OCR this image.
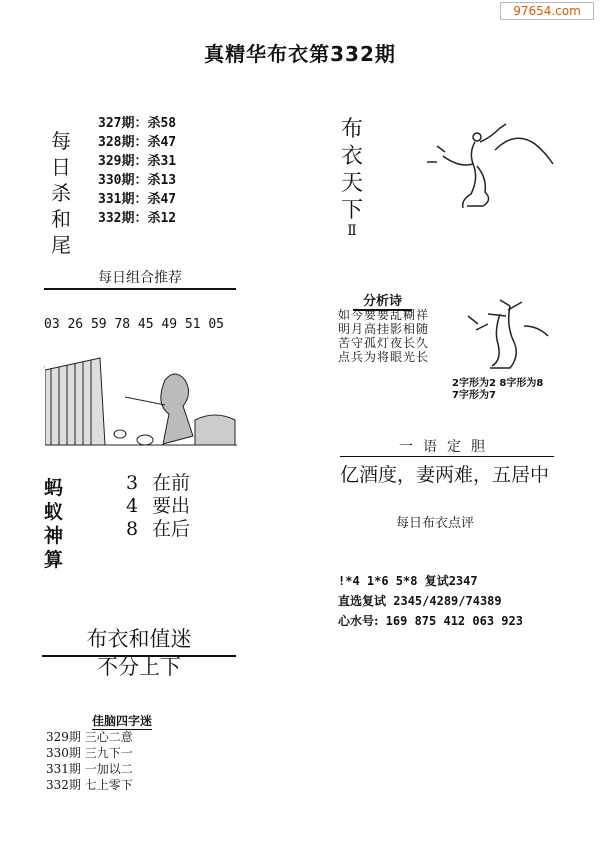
97654.com
真精华布衣第332期
每
日
杀
和
尾
327期：杀58
328期：杀47
329期：杀31
330期：杀13
331期：杀47
332期：杀12
每日组合推荐

03 26 59 78 45 49 51 05

蚂
蚁
神
算
3 在前
4 要出
8 在后
布衣和值迷
不分上下
佳脑四字迷
329期 三心二意
330期 三九下一
331期 一加以二
332期 七上零下
布
衣
天
下
Ⅱ
分析诗
如今要要乱糊祥
明月高挂影相随
苦守孤灯夜长久
点兵为将眼光长
2字形为2 8字形为8
7字形为7
一语定胆
亿酒度，妻两难，五居中
每日布衣点评
!*4 1*6 5*8 复试2347
直选复试 2345/4289/74389
心水号: 169 875 412 063 923
